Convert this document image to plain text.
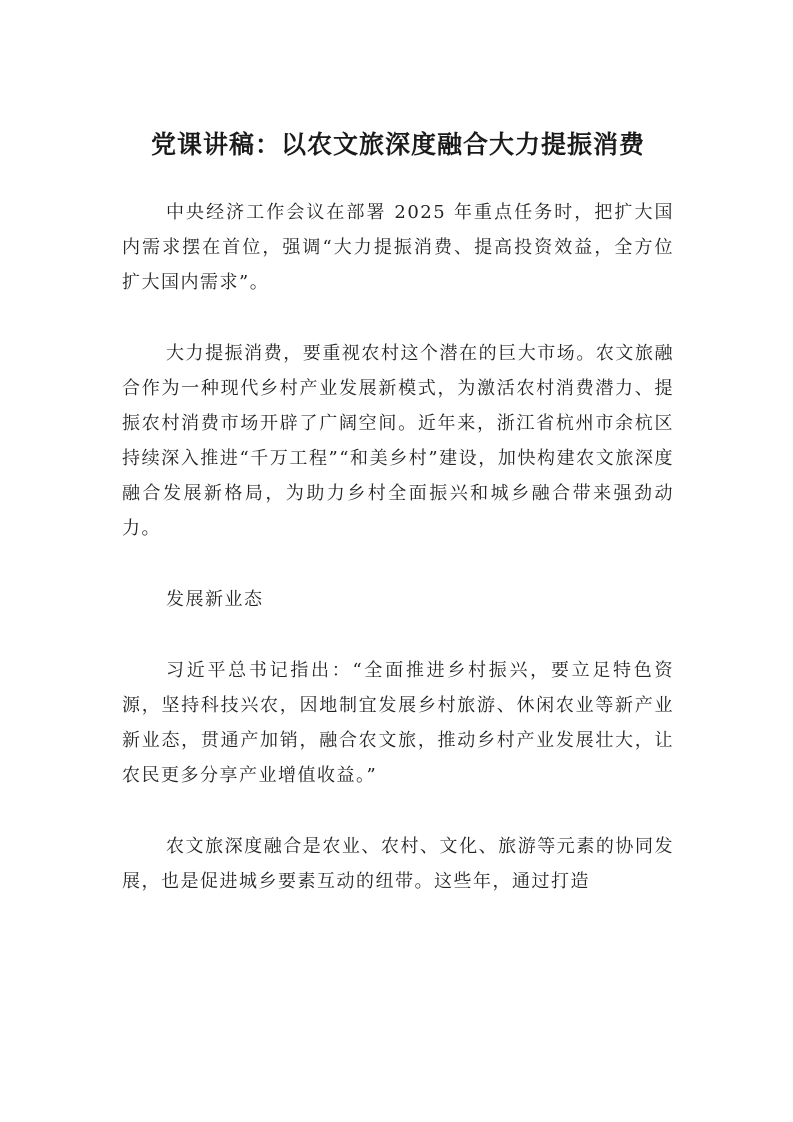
党课讲稿：以农文旅深度融合大力提振消费

中央经济工作会议在部署 2025 年重点任务时，把扩大国内需求摆在首位，强调“大力提振消费、提高投资效益，全方位扩大国内需求”。

大力提振消费，要重视农村这个潜在的巨大市场。农文旅融合作为一种现代乡村产业发展新模式，为激活农村消费潜力、提振农村消费市场开辟了广阔空间。近年来，浙江省杭州市余杭区持续深入推进“千万工程”“和美乡村”建设，加快构建农文旅深度融合发展新格局，为助力乡村全面振兴和城乡融合带来强劲动力。

发展新业态

习近平总书记指出：“全面推进乡村振兴，要立足特色资源，坚持科技兴农，因地制宜发展乡村旅游、休闲农业等新产业新业态，贯通产加销，融合农文旅，推动乡村产业发展壮大，让农民更多分享产业增值收益。”

农文旅深度融合是农业、农村、文化、旅游等元素的协同发展，也是促进城乡要素互动的纽带。这些年，通过打造
